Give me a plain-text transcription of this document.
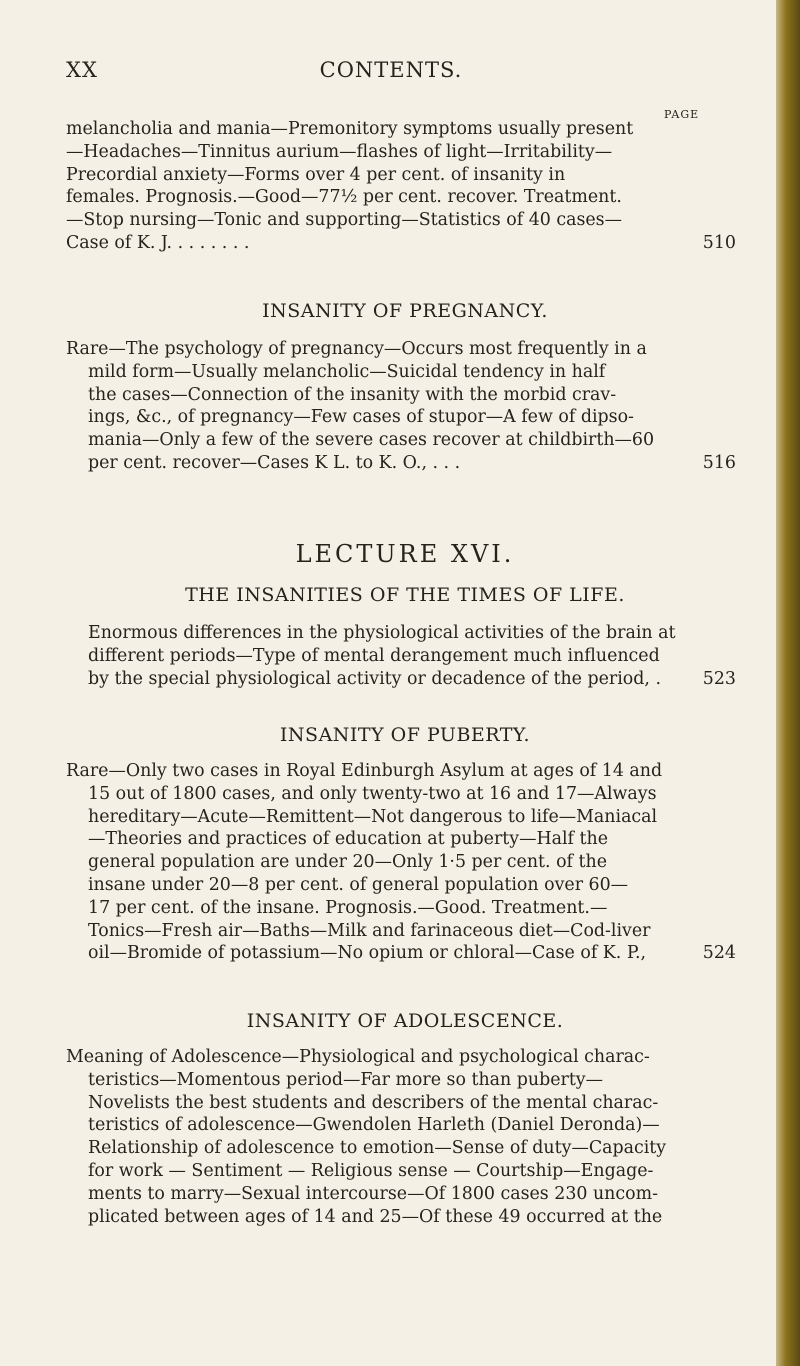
XX	CONTENTS.
PAGE
melancholia and mania—Premonitory symptoms usually present
—Headaches—Tinnitus aurium—flashes of light—Irritability—
Precordial anxiety—Forms over 4 per cent. of insanity in
females. Prognosis.—Good—77½ per cent. recover. Treatment.
—Stop nursing—Tonic and supporting—Statistics of 40 cases—
Case of K. J. . . . . . . .	510
INSANITY OF PREGNANCY.
Rare—The psychology of pregnancy—Occurs most frequently in a
mild form—Usually melancholic—Suicidal tendency in half
the cases—Connection of the insanity with the morbid crav-
ings, &c., of pregnancy—Few cases of stupor—A few of dipso-
mania—Only a few of the severe cases recover at childbirth—60
per cent. recover—Cases K L. to K. O., . . .	516
LECTURE XVI.
THE INSANITIES OF THE TIMES OF LIFE.
Enormous differences in the physiological activities of the brain at
different periods—Type of mental derangement much influenced
by the special physiological activity or decadence of the period, . 523
INSANITY OF PUBERTY.
Rare—Only two cases in Royal Edinburgh Asylum at ages of 14 and
15 out of 1800 cases, and only twenty-two at 16 and 17—Always
hereditary—Acute—Remittent—Not dangerous to life—Maniacal
—Theories and practices of education at puberty—Half the
general population are under 20—Only 1·5 per cent. of the
insane under 20—8 per cent. of general population over 60—
17 per cent. of the insane. Prognosis.—Good. Treatment.—
Tonics—Fresh air—Baths—Milk and farinaceous diet—Cod-liver
oil—Bromide of potassium—No opium or chloral—Case of K. P.,	524
INSANITY OF ADOLESCENCE.
Meaning of Adolescence—Physiological and psychological charac-
teristics—Momentous period—Far more so than puberty—
Novelists the best students and describers of the mental charac-
teristics of adolescence—Gwendolen Harleth (Daniel Deronda)—
Relationship of adolescence to emotion—Sense of duty—Capacity
for work — Sentiment — Religious sense — Courtship—Engage-
ments to marry—Sexual intercourse—Of 1800 cases 230 uncom-
plicated between ages of 14 and 25—Of these 49 occurred at the
